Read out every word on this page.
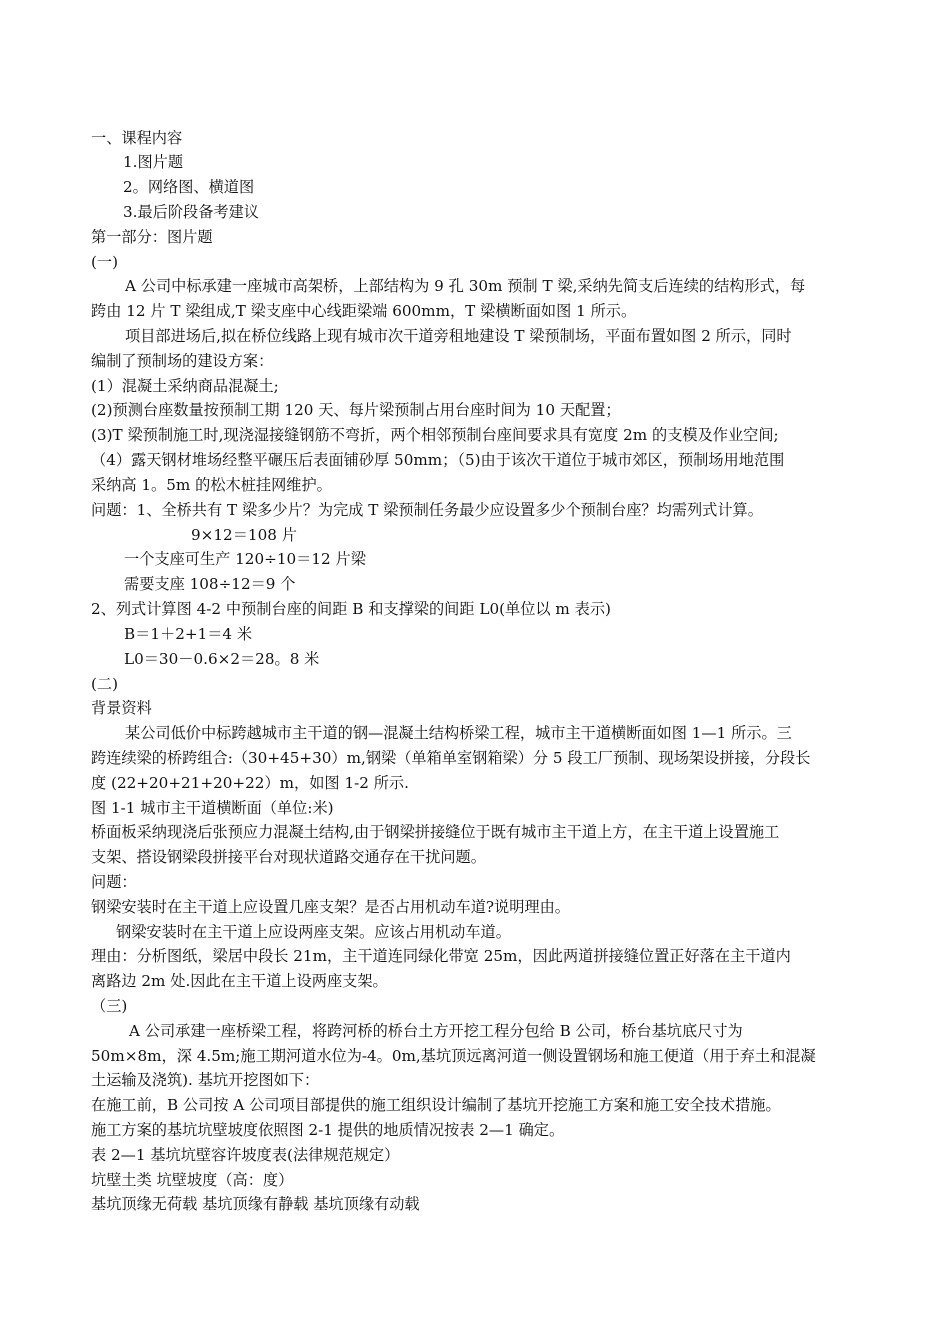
一、课程内容
1.图片题
2。网络图、横道图
3.最后阶段备考建议
第一部分：图片题
(一)
A 公司中标承建一座城市高架桥，上部结构为 9 孔 30m 预制 T 梁,采纳先简支后连续的结构形式，每
跨由 12 片 T 梁组成,T 梁支座中心线距梁端 600mm，T 梁横断面如图 1 所示。
项目部进场后,拟在桥位线路上现有城市次干道旁租地建设 T 梁预制场，平面布置如图 2 所示，同时
编制了预制场的建设方案：
(1）混凝土采纳商品混凝土;
(2)预测台座数量按预制工期 120 天、每片梁预制占用台座时间为 10 天配置；
(3)T 梁预制施工时,现浇湿接缝钢筋不弯折，两个相邻预制台座间要求具有宽度 2m 的支模及作业空间;
（4）露天钢材堆场经整平碾压后表面铺砂厚 50mm；（5)由于该次干道位于城市郊区，预制场用地范围
采纳高 1。5m 的松木桩挂网维护。
问题：1、全桥共有 T 梁多少片？为完成 T 梁预制任务最少应设置多少个预制台座？均需列式计算。
9×12＝108 片
一个支座可生产 120÷10＝12 片梁
需要支座 108÷12＝9 个
2、列式计算图 4-2 中预制台座的间距 B 和支撑梁的间距 L0(单位以 m 表示)
B＝1＋2+1＝4 米
L0＝30－0.6×2＝28。8 米
(二)
背景资料
某公司低价中标跨越城市主干道的钢—混凝土结构桥梁工程，城市主干道横断面如图 1—1 所示。三
跨连续梁的桥跨组合:（30+45+30）m,钢梁（单箱单室钢箱梁）分 5 段工厂预制、现场架设拼接，分段长
度 (22+20+21+20+22）m，如图 1-2 所示.
图 1-1 城市主干道横断面（单位:米)
桥面板采纳现浇后张预应力混凝土结构,由于钢梁拼接缝位于既有城市主干道上方，在主干道上设置施工
支架、搭设钢梁段拼接平台对现状道路交通存在干扰问题。
问题：
钢梁安装时在主干道上应设置几座支架？是否占用机动车道?说明理由。
钢梁安装时在主干道上应设两座支架。应该占用机动车道。
理由：分析图纸，梁居中段长 21m，主干道连同绿化带宽 25m，因此两道拼接缝位置正好落在主干道内
离路边 2m 处.因此在主干道上设两座支架。
（三)
A 公司承建一座桥梁工程，将跨河桥的桥台土方开挖工程分包给 B 公司，桥台基坑底尺寸为
50m×8m，深 4.5m;施工期河道水位为-4。0m,基坑顶远离河道一侧设置钢场和施工便道（用于弃土和混凝
土运输及浇筑). 基坑开挖图如下：
在施工前，B 公司按 A 公司项目部提供的施工组织设计编制了基坑开挖施工方案和施工安全技术措施。
施工方案的基坑坑壁坡度依照图 2-1 提供的地质情况按表 2—1 确定。
表 2—1 基坑坑壁容许坡度表(法律规范规定）
坑壁土类 坑壁坡度（高：度）
基坑顶缘无荷载 基坑顶缘有静载 基坑顶缘有动载
